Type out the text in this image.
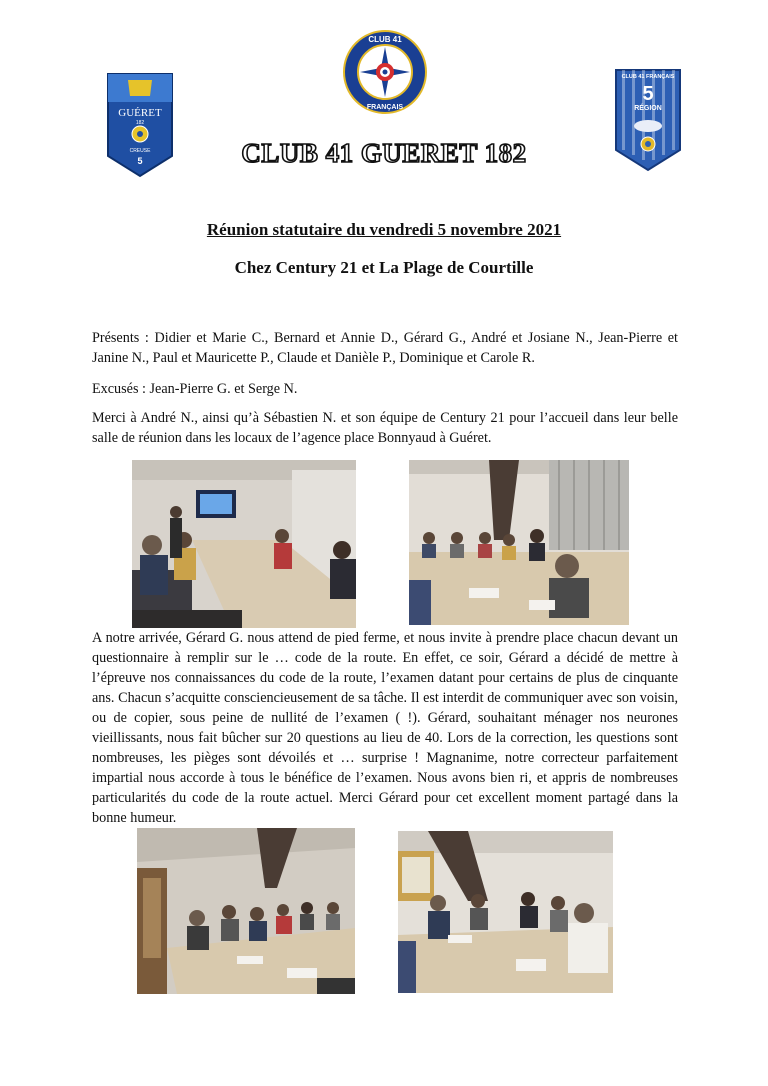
GUÉRET
182
CREUSE
5
CLUB 41
FRANÇAIS
CLUB 41 FRANÇAIS
5
RÉGION
CLUB 41 GUERET 182
Réunion statutaire du vendredi 5 novembre 2021
Chez Century 21 et La Plage de Courtille
Présents : Didier et Marie C., Bernard et Annie D., Gérard G., André et Josiane N., Jean-Pierre et Janine N., Paul et Mauricette P., Claude et Danièle P., Dominique et Carole R.
Excusés : Jean-Pierre G. et Serge N.
Merci à André N., ainsi qu’à Sébastien N. et son équipe de Century 21 pour l’accueil dans leur belle salle de réunion dans les locaux de l’agence place Bonnyaud à Guéret.
A notre arrivée, Gérard G. nous attend de pied ferme, et nous invite à prendre place chacun devant un questionnaire à remplir sur le … code de la route. En effet, ce soir, Gérard a décidé de mettre à l’épreuve nos connaissances du code de la route, l’examen datant pour certains de plus de cinquante ans. Chacun s’acquitte consciencieusement de sa tâche. Il est interdit de communiquer avec son voisin, ou de copier, sous peine de nullité de l’examen ( !). Gérard, souhaitant ménager nos neurones vieillissants, nous fait bûcher sur 20 questions au lieu de 40. Lors de la correction, les questions sont nombreuses, les pièges sont dévoilés et … surprise ! Magnanime, notre correcteur parfaitement impartial nous accorde à tous le bénéfice de l’examen. Nous avons bien ri, et appris de nombreuses particularités du code de la route actuel. Merci Gérard pour cet excellent moment partagé dans la bonne humeur.
